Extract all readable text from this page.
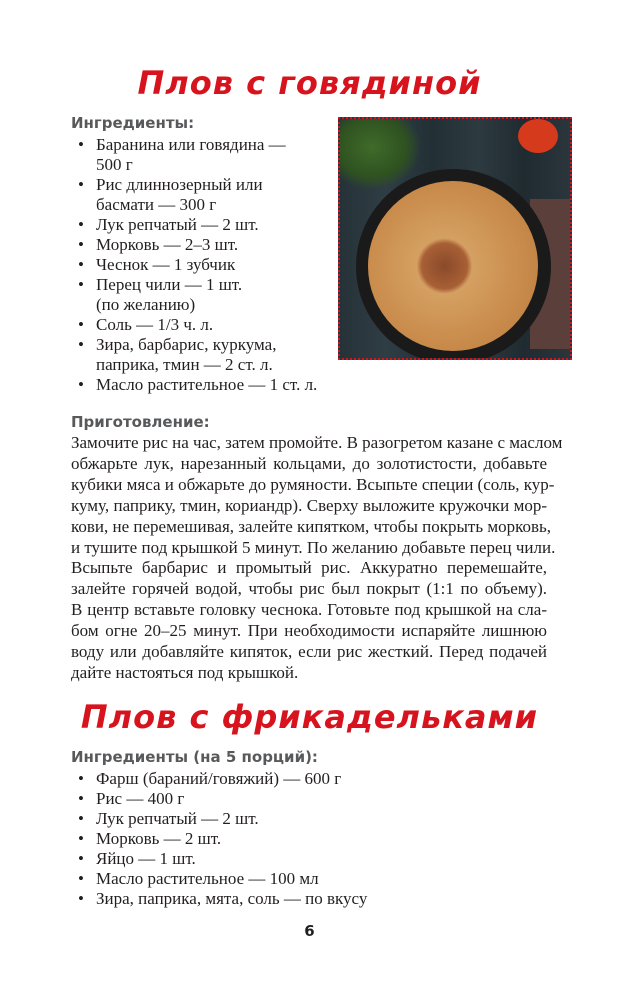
Плов с говядиной
Ингредиенты:
• Баранина или говядина —
500 г
• Рис длиннозерный или
басмати — 300 г
• Лук репчатый — 2 шт.
• Морковь — 2–3 шт.
• Чеснок — 1 зубчик
• Перец чили — 1 шт.
(по желанию)
• Соль — 1/3 ч. л.
• Зира, барбарис, куркума,
паприка, тмин — 2 ст. л.
• Масло растительное — 1 ст. л.
Приготовление:
Замочите рис на час, затем промойте. В разогретом казане с маслом
обжарьте лук, нарезанный кольцами, до золотистости, добавьте
кубики мяса и обжарьте до румяности. Всыпьте специи (соль, кур-
куму, паприку, тмин, кориандр). Сверху выложите кружочки мор-
кови, не перемешивая, залейте кипятком, чтобы покрыть морковь,
и тушите под крышкой 5 минут. По желанию добавьте перец чили.
Всыпьте барбарис и промытый рис. Аккуратно перемешайте,
залейте горячей водой, чтобы рис был покрыт (1:1 по объему).
В центр вставьте головку чеснока. Готовьте под крышкой на сла-
бом огне 20–25 минут. При необходимости испаряйте лишнюю
воду или добавляйте кипяток, если рис жесткий. Перед подачей
дайте настояться под крышкой.
Плов с фрикадельками
Ингредиенты (на 5 порций):
• Фарш (бараний/говяжий) — 600 г
• Рис — 400 г
• Лук репчатый — 2 шт.
• Морковь — 2 шт.
• Яйцо — 1 шт.
• Масло растительное — 100 мл
• Зира, паприка, мята, соль — по вкусу
6
